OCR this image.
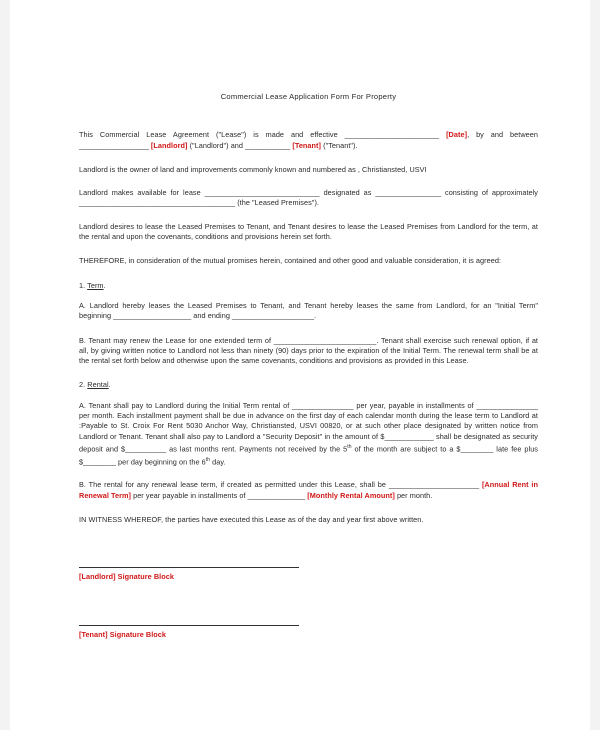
Commercial Lease Application Form For Property

This Commercial Lease Agreement ("Lease") is made and effective _______________________ [Date], by and between _________________ [Landlord] ("Landlord") and ___________ [Tenant] ("Tenant").

Landlord is the owner of land and improvements commonly known and numbered as , Christiansted, USVI

Landlord makes available for lease ____________________________ designated as ________________ consisting of approximately ______________________________________ (the "Leased Premises").

Landlord desires to lease the Leased Premises to Tenant, and Tenant desires to lease the Leased Premises from Landlord for the term, at the rental and upon the covenants, conditions and provisions herein set forth.

THEREFORE, in consideration of the mutual promises herein, contained and other good and valuable consideration, it is agreed:

1. Term.

A. Landlord hereby leases the Leased Premises to Tenant, and Tenant hereby leases the same from Landlord, for an "Initial Term" beginning ___________________ and ending ____________________.

B. Tenant may renew the Lease for one extended term of _________________________. Tenant shall exercise such renewal option, if at all, by giving written notice to Landlord not less than ninety (90) days prior to the expiration of the Initial Term. The renewal term shall be at the rental set forth below and otherwise upon the same covenants, conditions and provisions as provided in this Lease.

2. Rental.

A. Tenant shall pay to Landlord during the Initial Term rental of _______________ per year, payable in installments of _______________ per month. Each installment payment shall be due in advance on the first day of each calendar month during the lease term to Landlord at :Payable to St. Croix For Rent 5030 Anchor Way, Christiansted, USVI 00820, or at such other place designated by written notice from Landlord or Tenant. Tenant shall also pay to Landlord a "Security Deposit" in the amount of $____________ shall be designated as security deposit and $__________ as last months rent. Payments not received by the 5th of the month are subject to a $________ late fee plus $________ per day beginning on the 6th day.

B. The rental for any renewal lease term, if created as permitted under this Lease, shall be ______________________ [Annual Rent in Renewal Term] per year payable in installments of ______________ [Monthly Rental Amount] per month.

IN WITNESS WHEREOF, the parties have executed this Lease as of the day and year first above written.

[Landlord] Signature Block
[Tenant] Signature Block
